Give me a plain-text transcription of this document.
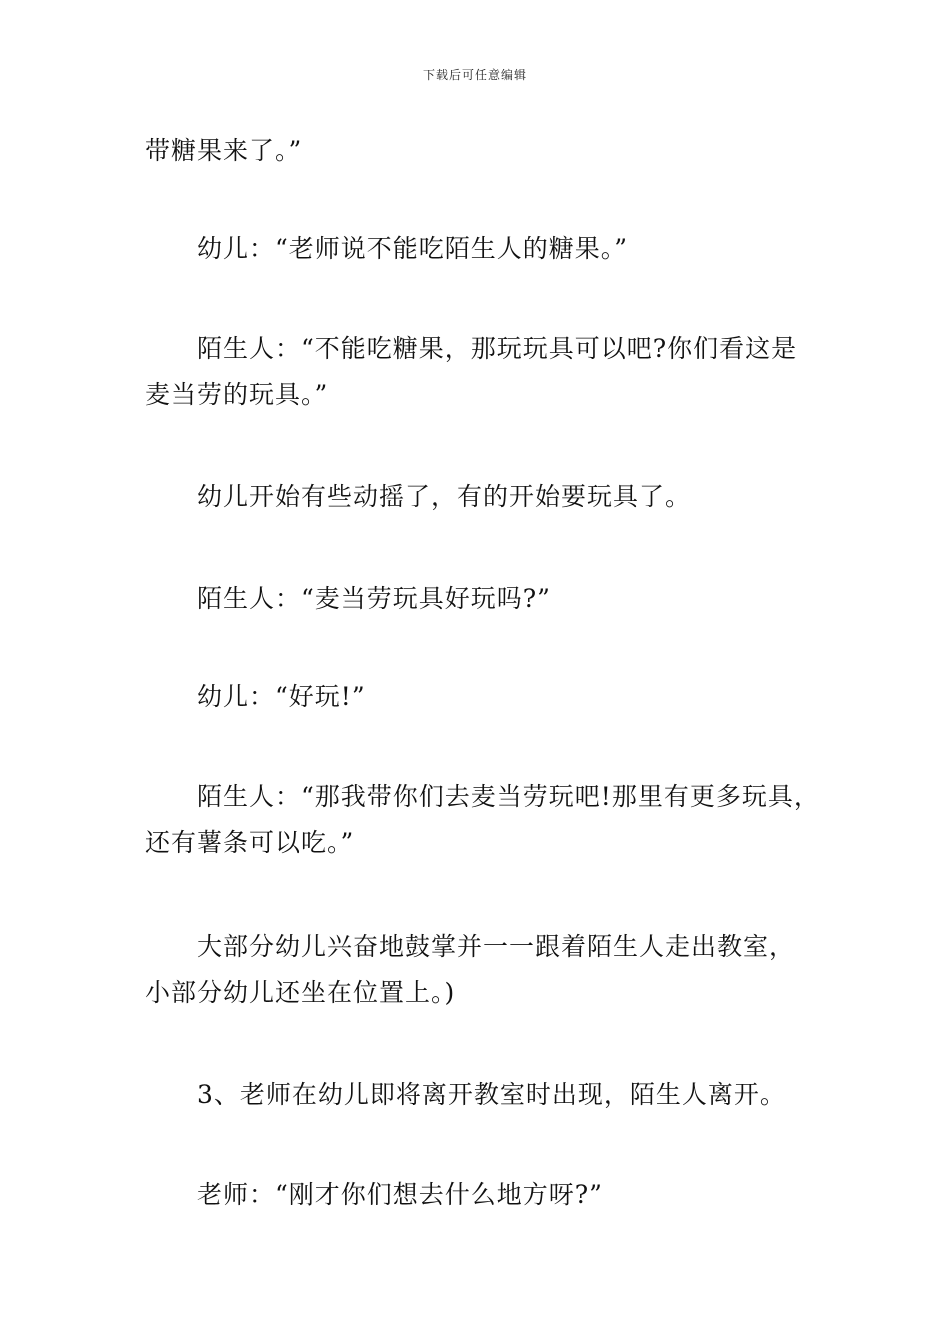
下载后可任意编辑
带糖果来了。”
幼儿：“老师说不能吃陌生人的糖果。”
陌生人：“不能吃糖果，那玩玩具可以吧?你们看这是
麦当劳的玩具。”
幼儿开始有些动摇了，有的开始要玩具了。
陌生人：“麦当劳玩具好玩吗?”
幼儿：“好玩!”
陌生人：“那我带你们去麦当劳玩吧!那里有更多玩具，
还有薯条可以吃。”
大部分幼儿兴奋地鼓掌并一一跟着陌生人走出教室，
小部分幼儿还坐在位置上。)
3、老师在幼儿即将离开教室时出现，陌生人离开。
老师：“刚才你们想去什么地方呀?”
